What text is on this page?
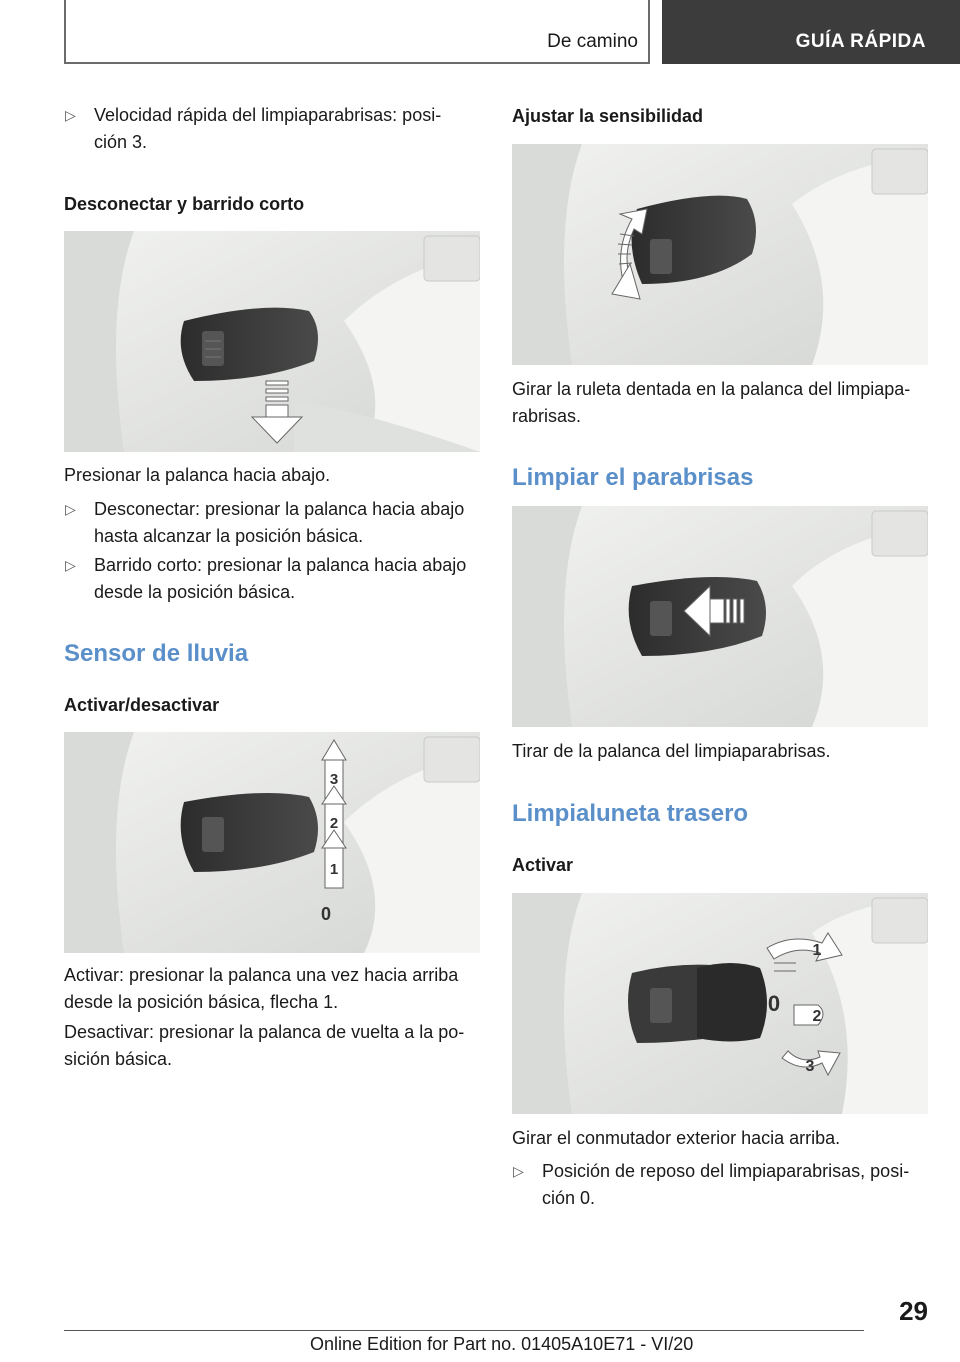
De camino	GUÍA RÁPIDA
▷ Velocidad rápida del limpiaparabrisas: posi-
ción 3.
Desconectar y barrido corto
Presionar la palanca hacia abajo.
▷ Desconectar: presionar la palanca hacia abajo
hasta alcanzar la posición básica.
▷ Barrido corto: presionar la palanca hacia abajo
desde la posición básica.
Sensor de lluvia
Activar/desactivar
3
2
1
0
Activar: presionar la palanca una vez hacia arriba
desde la posición básica, flecha 1.
Desactivar: presionar la palanca de vuelta a la po-
sición básica.
Ajustar la sensibilidad
Girar la ruleta dentada en la palanca del limpiapa-
rabrisas.
Limpiar el parabrisas
Tirar de la palanca del limpiaparabrisas.
Limpialuneta trasero
Activar
1
0
2
3
Girar el conmutador exterior hacia arriba.
▷ Posición de reposo del limpiaparabrisas, posi-
ción 0.
29
Online Edition for Part no. 01405A10E71 - VI/20
